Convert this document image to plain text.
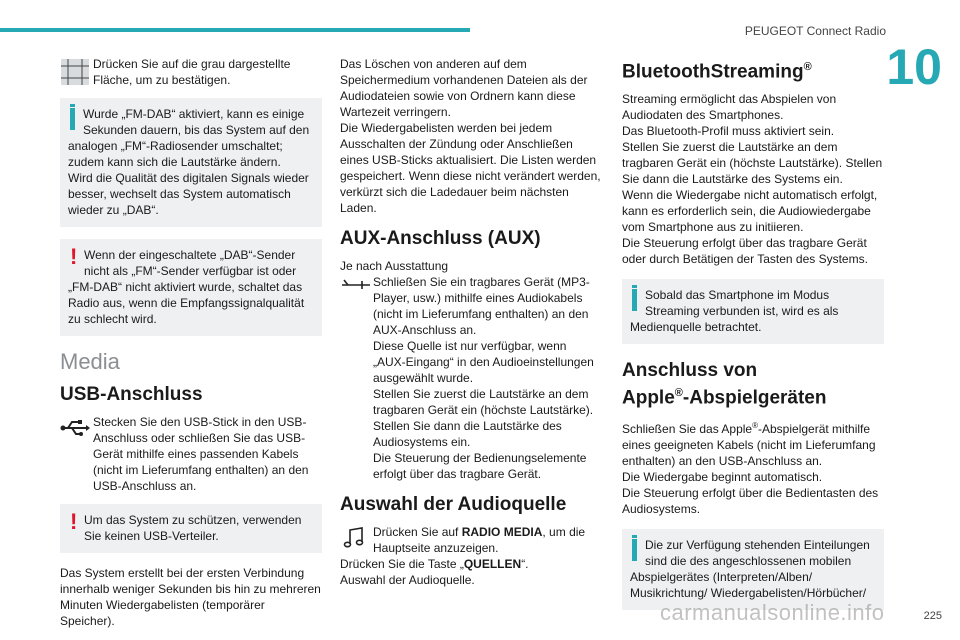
PEUGEOT Connect Radio
10

Drücken Sie auf die grau dargestellte Fläche, um zu bestätigen.

Wurde „FM-DAB“ aktiviert, kann es einige Sekunden dauern, bis das System auf den analogen „FM“-Radiosender umschaltet; zudem kann sich die Lautstärke ändern.
Wird die Qualität des digitalen Signals wieder besser, wechselt das System automatisch wieder zu „DAB“.

! Wenn der eingeschaltete „DAB“-Sender nicht als „FM“-Sender verfügbar ist oder „FM-DAB“ nicht aktiviert wurde, schaltet das Radio aus, wenn die Empfangssignalqualität zu schlecht wird.

Media
USB-Anschluss

Stecken Sie den USB-Stick in den USB-Anschluss oder schließen Sie das USB-Gerät mithilfe eines passenden Kabels (nicht im Lieferumfang enthalten) an den USB-Anschluss an.

! Um das System zu schützen, verwenden Sie keinen USB-Verteiler.

Das System erstellt bei der ersten Verbindung innerhalb weniger Sekunden bis hin zu mehreren Minuten Wiedergabelisten (temporärer Speicher).

Das Löschen von anderen auf dem Speichermedium vorhandenen Dateien als der Audiodateien sowie von Ordnern kann diese Wartezeit verringern.
Die Wiedergabelisten werden bei jedem Ausschalten der Zündung oder Anschließen eines USB-Sticks aktualisiert. Die Listen werden gespeichert. Wenn diese nicht verändert werden, verkürzt sich die Ladedauer beim nächsten Laden.

AUX-Anschluss (AUX)

Je nach Ausstattung

Schließen Sie ein tragbares Gerät (MP3-Player, usw.) mithilfe eines Audiokabels (nicht im Lieferumfang enthalten) an den AUX-Anschluss an.
Diese Quelle ist nur verfügbar, wenn „AUX-Eingang“ in den Audioeinstellungen ausgewählt wurde.
Stellen Sie zuerst die Lautstärke an dem tragbaren Gerät ein (höchste Lautstärke). Stellen Sie dann die Lautstärke des Audiosystems ein.
Die Steuerung der Bedienungselemente erfolgt über das tragbare Gerät.

Auswahl der Audioquelle

Drücken Sie auf RADIO MEDIA, um die Hauptseite anzuzeigen.

Drücken Sie die Taste „QUELLEN“.

Auswahl der Audioquelle.

BluetoothStreaming®

Streaming ermöglicht das Abspielen von Audiodaten des Smartphones.
Das Bluetooth-Profil muss aktiviert sein.
Stellen Sie zuerst die Lautstärke an dem tragbaren Gerät ein (höchste Lautstärke). Stellen Sie dann die Lautstärke des Systems ein.
Wenn die Wiedergabe nicht automatisch erfolgt, kann es erforderlich sein, die Audiowiedergabe vom Smartphone aus zu initiieren.
Die Steuerung erfolgt über das tragbare Gerät oder durch Betätigen der Tasten des Systems.

Sobald das Smartphone im Modus Streaming verbunden ist, wird es als Medienquelle betrachtet.

Anschluss von
Apple®-Abspielgeräten

Schließen Sie das Apple®-Abspielgerät mithilfe eines geeigneten Kabels (nicht im Lieferumfang enthalten) an den USB-Anschluss an.
Die Wiedergabe beginnt automatisch.
Die Steuerung erfolgt über die Bedientasten des Audiosystems.

Die zur Verfügung stehenden Einteilungen sind die des angeschlossenen mobilen Abspielgerätes (Interpreten/Alben/ Musikrichtung/ Wiedergabelisten/Hörbücher/

carmanualsonline.info	225
